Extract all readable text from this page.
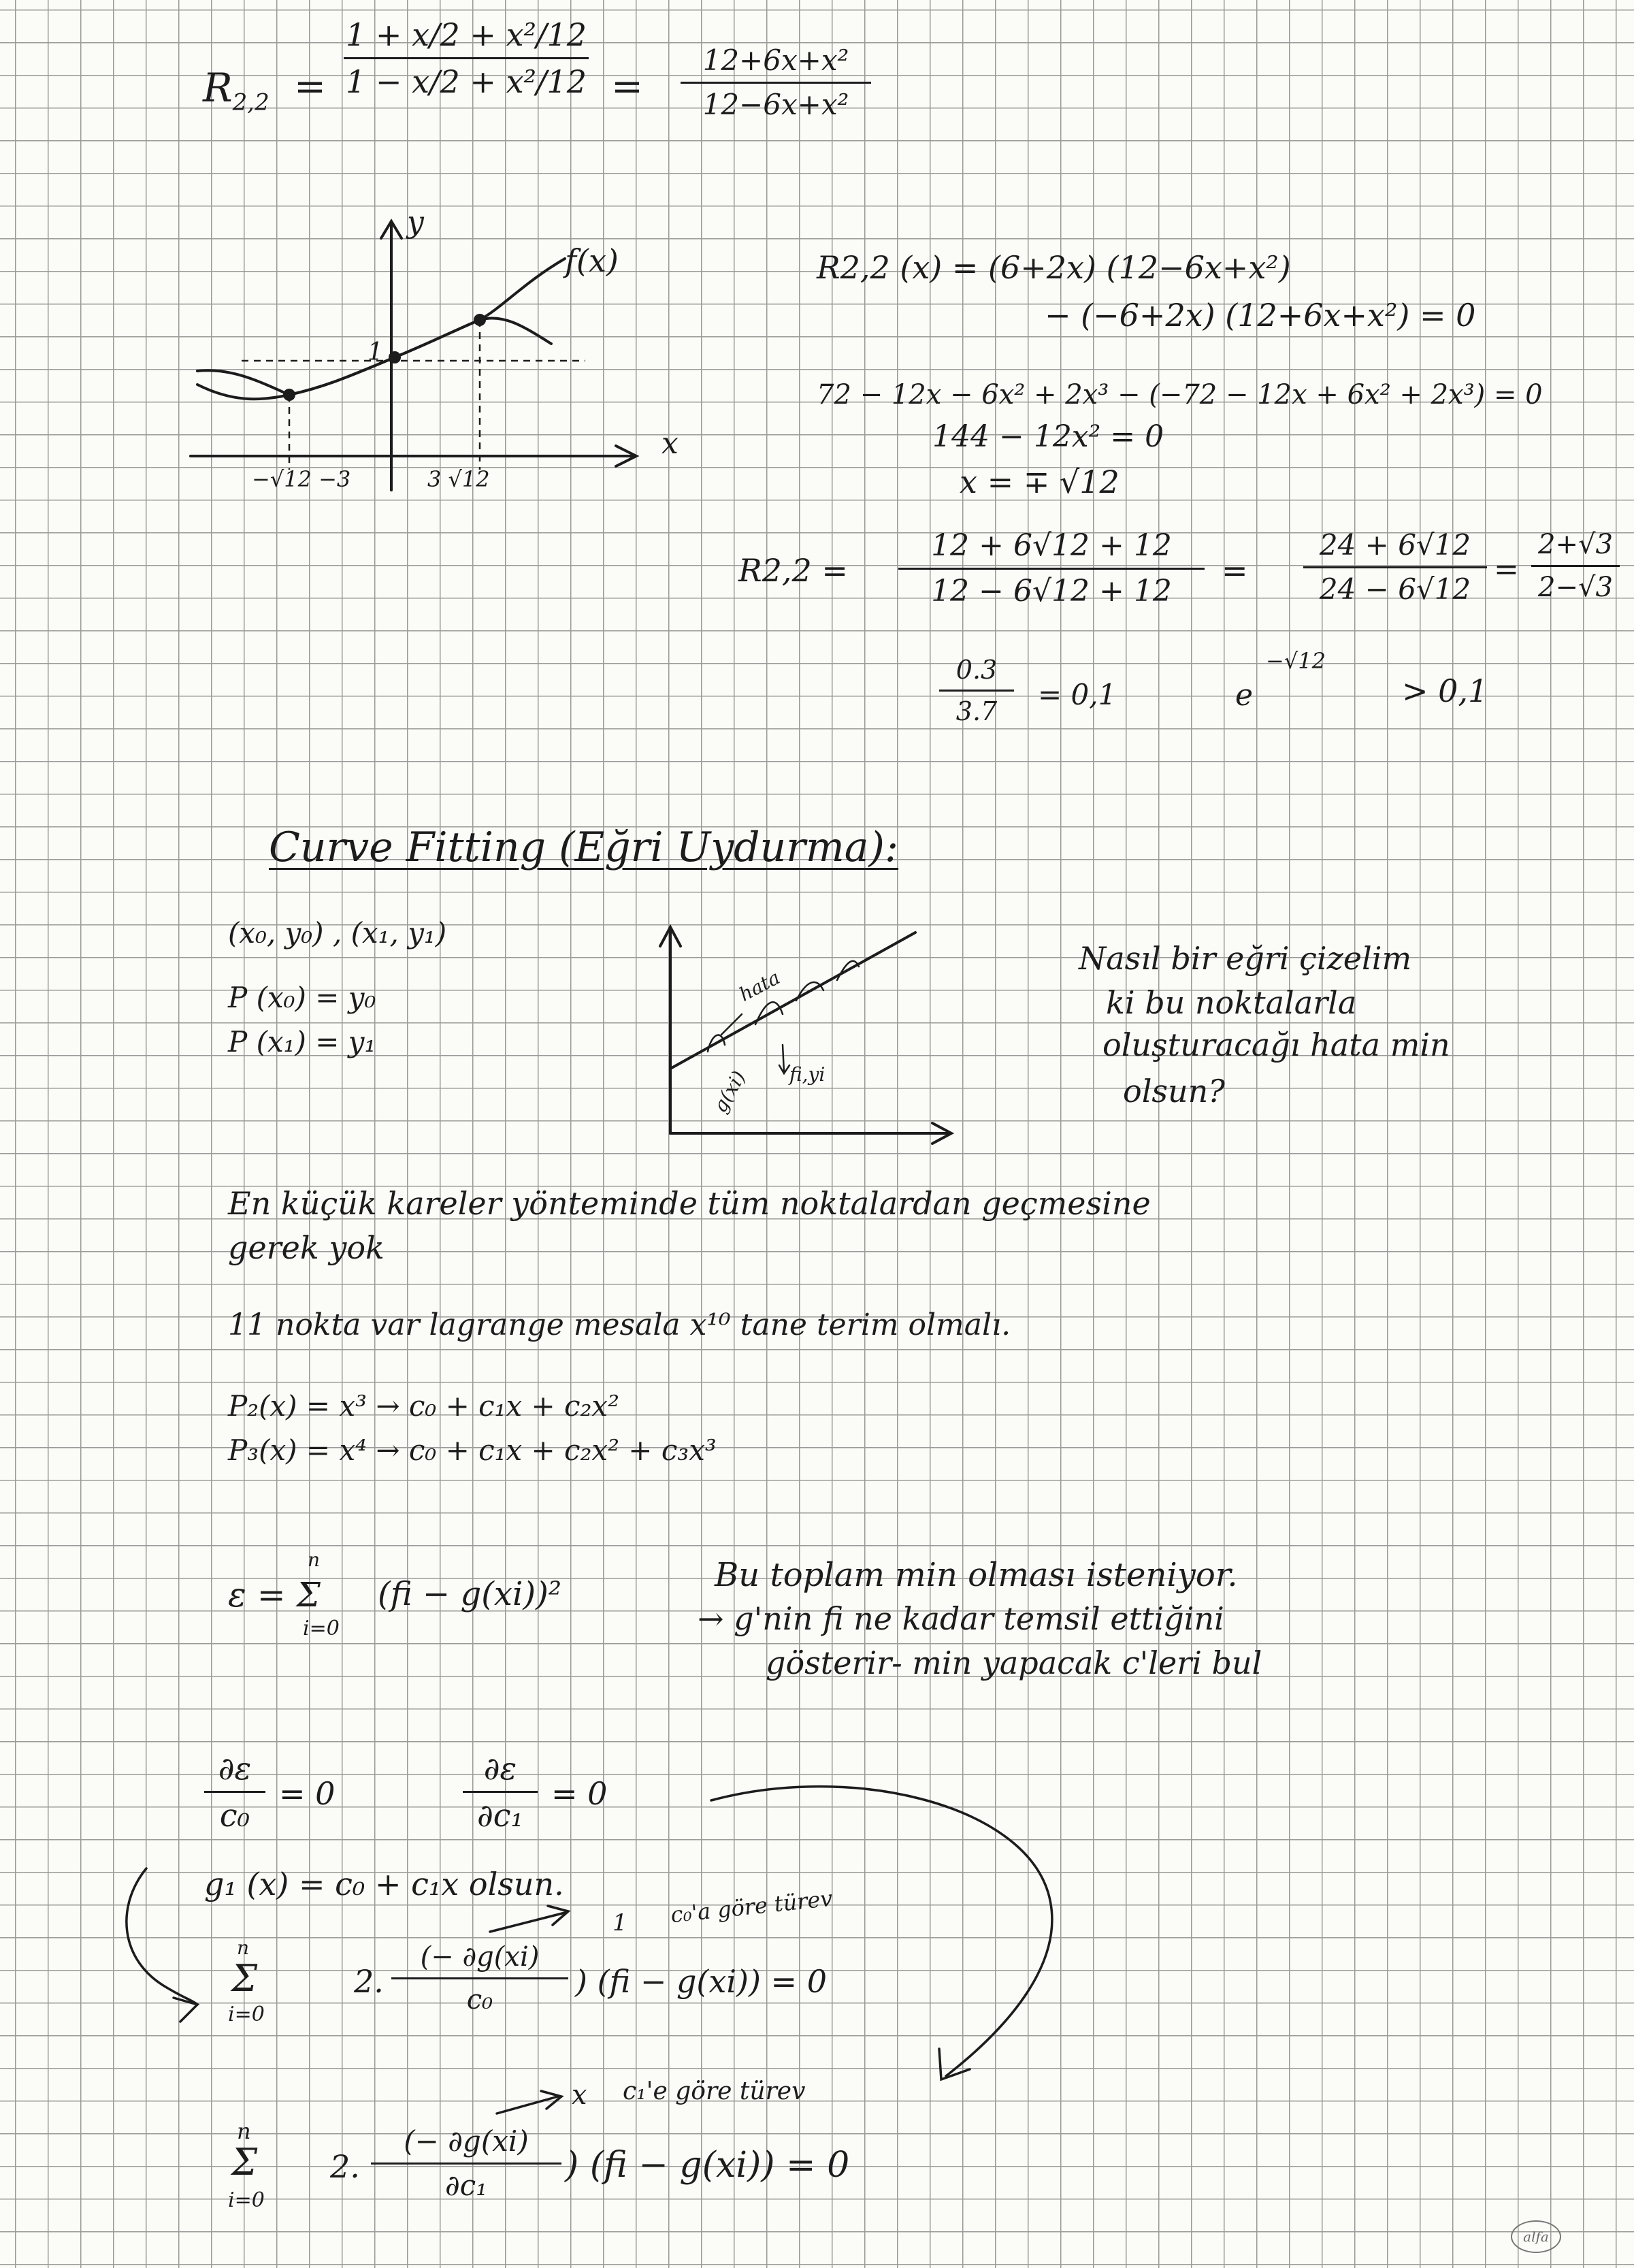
$R_{2,2}$ =
1 + x/2 + x²/12
1 − x/2 + x²/12 =
12+6x+x²
12−6x+x²
y
f(x)
1
x
−√12 −3	3 √12
R2,2 (x) = (6+2x) (12−6x+x²)
− (−6+2x) (12+6x+x²) = 0
72 − 12x − 6x² + 2x³ − (−72 − 12x + 6x² + 2x³) = 0
144 − 12x² = 0
x = ∓ √12
R2,2 =
12 + 6√12 + 12
12 − 6√12 + 12
=
24 + 6√12
24 − 6√12
=
2+√3
2−√3
0.3
3.7	= 0,1	e
−√12
> 0,1
Curve Fitting (Eğri Uydurma):
(x₀, y₀) , (x₁, y₁)
P (x₀) = y₀
P (x₁) = y₁
hata
g(xi) fi,yi
Nasıl bir eğri çizelim
ki bu noktalarla
oluşturacağı hata min
olsun?
En küçük kareler yönteminde tüm noktalardan geçmesine
gerek yok
11 nokta var lagrange mesala x¹⁰ tane terim olmalı.
P₂(x) = x³ → c₀ + c₁x + c₂x²
P₃(x) = x⁴ → c₀ + c₁x + c₂x² + c₃x³
ε = Σ
n
i=0
(fi − g(xi))²	Bu toplam min olması isteniyor.
→ g'nin fi ne kadar temsil ettiğini
gösterir- min yapacak c'leri bul
∂ε
c₀
= 0
∂ε
∂c₁
= 0
g₁ (x) = c₀ + c₁x olsun.
c₀'a göre türev
1
n
Σ
i=0
2.
(− ∂g(xi)
c₀	) (fi − g(xi)) = 0
c₁'e göre türev
x
n
Σ
i=0
2.
(− ∂g(xi)
∂c₁	) (fi − g(xi)) = 0
alfa
